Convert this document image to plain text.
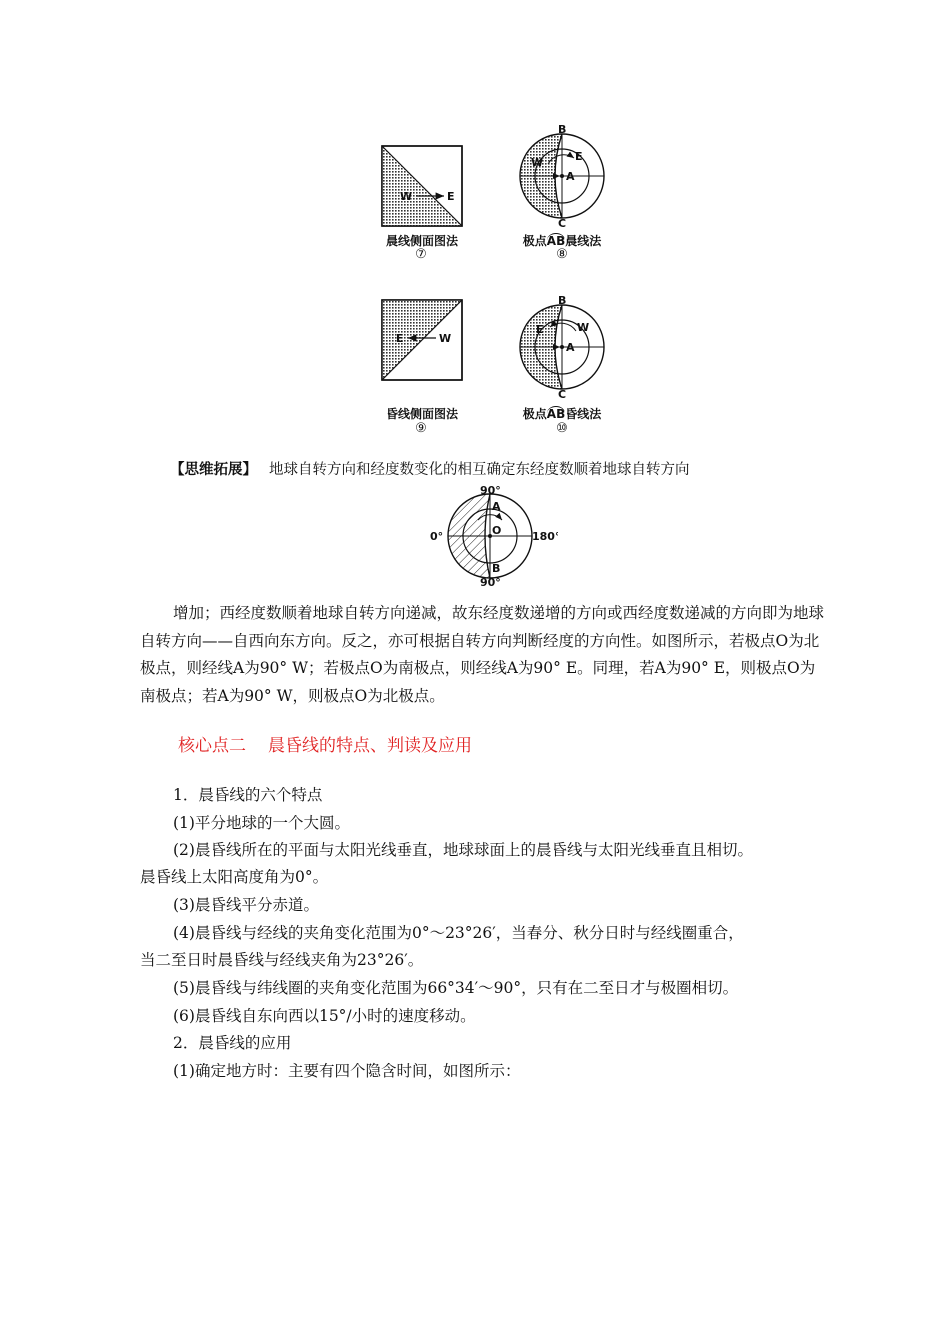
W	E
晨线侧面图法
⑦
B
C
A
W	E
极点AB晨线法
⑧
E	W
昏线侧面图法
⑨
B
C
A
E	W
极点AB昏线法
⑩
【思维拓展】 地球自转方向和经度数变化的相互确定东经度数顺着地球自转方向
90°
90°
0°	180°
A
O
B
增加；西经度数顺着地球自转方向递减，故东经度数递增的方向或西经度数递减的方向即为地球自转方向——自西向东方向。反之，亦可根据自转方向判断经度的方向性。如图所示，若极点O为北极点，则经线A为90° W；若极点O为南极点，则经线A为90° E。同理，若A为90° E，则极点O为南极点；若A为90° W，则极点O为北极点。
核心点二 晨昏线的特点、判读及应用
1．晨昏线的六个特点
(1)平分地球的一个大圆。
(2)晨昏线所在的平面与太阳光线垂直，地球球面上的晨昏线与太阳光线垂直且相切。
晨昏线上太阳高度角为0°。
(3)晨昏线平分赤道。
(4)晨昏线与经线的夹角变化范围为0°～23°26′，当春分、秋分日时与经线圈重合，
当二至日时晨昏线与经线夹角为23°26′。
(5)晨昏线与纬线圈的夹角变化范围为66°34′～90°，只有在二至日才与极圈相切。
(6)晨昏线自东向西以15°/小时的速度移动。
2．晨昏线的应用
(1)确定地方时：主要有四个隐含时间，如图所示：
